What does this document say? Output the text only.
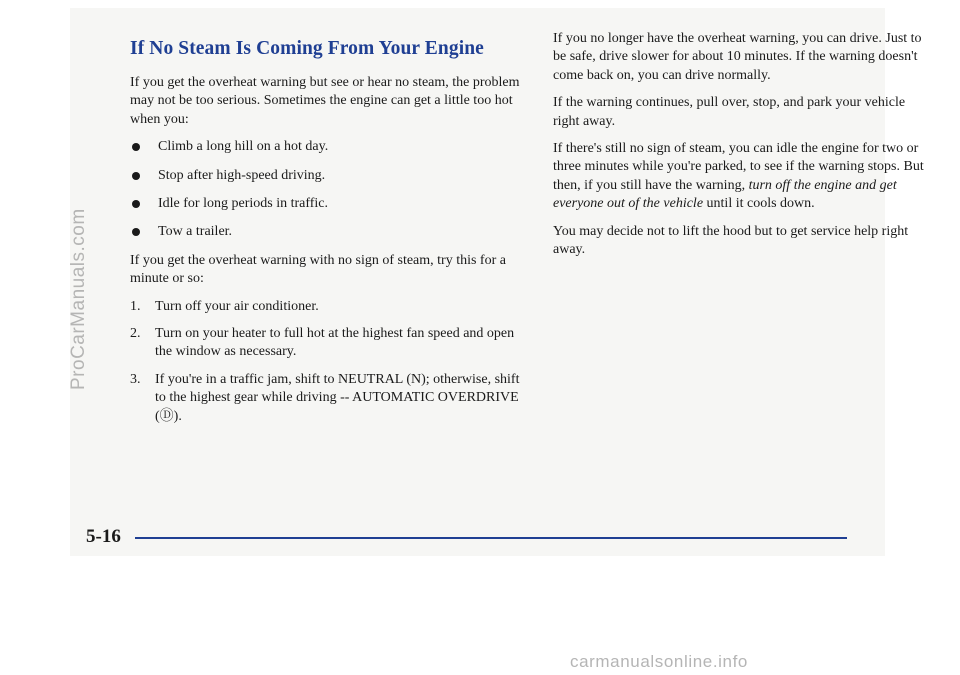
If No Steam Is Coming From Your Engine

If you get the overheat warning but see or hear no steam, the problem may not be too serious. Sometimes the engine can get a little too hot when you:

Climb a long hill on a hot day.
Stop after high-speed driving.
Idle for long periods in traffic.
Tow a trailer.

If you get the overheat warning with no sign of steam, try this for a minute or so:

1. Turn off your air conditioner.
2. Turn on your heater to full hot at the highest fan speed and open the window as necessary.
3. If you're in a traffic jam, shift to NEUTRAL (N); otherwise, shift to the highest gear while driving -- AUTOMATIC OVERDRIVE (Ⓓ).

If you no longer have the overheat warning, you can drive. Just to be safe, drive slower for about 10 minutes. If the warning doesn't come back on, you can drive normally.

If the warning continues, pull over, stop, and park your vehicle right away.

If there's still no sign of steam, you can idle the engine for two or three minutes while you're parked, to see if the warning stops. But then, if you still have the warning, turn off the engine and get everyone out of the vehicle until it cools down.

You may decide not to lift the hood but to get service help right away.

5-16
ProCarManuals.com
carmanualsonline.info
